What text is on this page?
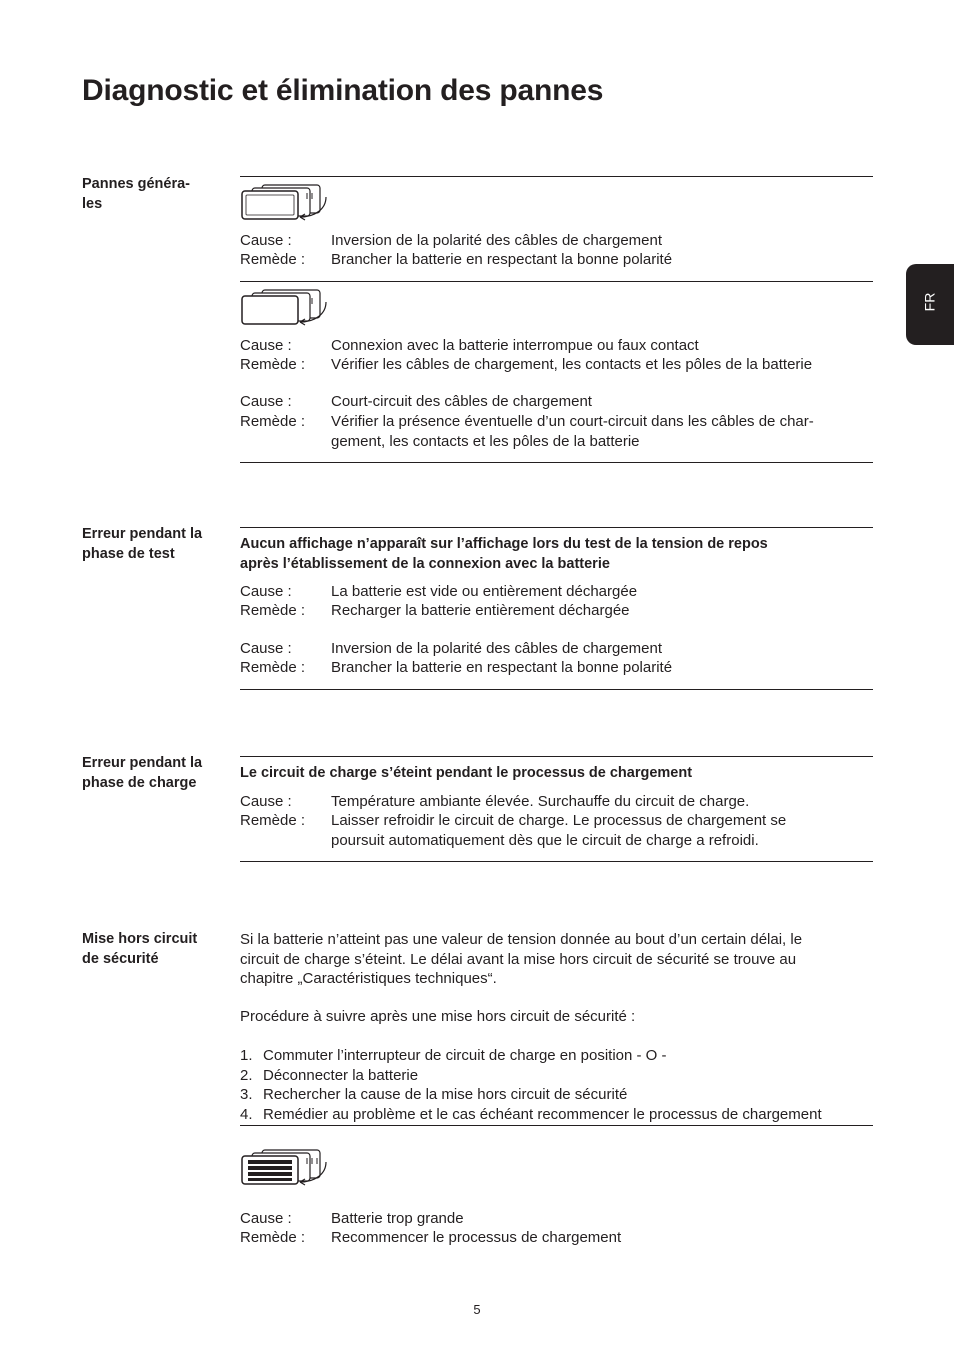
Diagnostic et élimination des pannes
FR
Pannes généra-
les
Cause :	Inversion de la polarité des câbles de chargement
Remède : Brancher la batterie en respectant la bonne polarité
Cause :	Connexion avec la batterie interrompue ou faux contact
Remède : Vérifier les câbles de chargement, les contacts et les pôles de la batterie
Cause :	Court-circuit des câbles de chargement
Remède : Vérifier la présence éventuelle d’un court-circuit dans les câbles de char-
gement, les contacts et les pôles de la batterie
Erreur pendant la
phase de test
Aucun affichage n’apparaît sur l’affichage lors du test de la tension de repos
après l’établissement de la connexion avec la batterie
Cause :	La batterie est vide ou entièrement déchargée
Remède : Recharger la batterie entièrement déchargée
Cause :	Inversion de la polarité des câbles de chargement
Remède : Brancher la batterie en respectant la bonne polarité
Erreur pendant la
phase de charge
Le circuit de charge s’éteint pendant le processus de chargement
Cause :	Température ambiante élevée. Surchauffe du circuit de charge.
Remède : Laisser refroidir le circuit de charge. Le processus de chargement se
poursuit automatiquement dès que le circuit de charge a refroidi.
Mise hors circuit
de sécurité
Si la batterie n’atteint pas une valeur de tension donnée au bout d’un certain délai, le
circuit de charge s’éteint. Le délai avant la mise hors circuit de sécurité se trouve au
chapitre „Caractéristiques techniques“.
Procédure à suivre après une mise hors circuit de sécurité :
1. Commuter l’interrupteur de circuit de charge en position - O -
2. Déconnecter la batterie
3. Rechercher la cause de la mise hors circuit de sécurité
4. Remédier au problème et le cas échéant recommencer le processus de chargement
Cause :	Batterie trop grande
Remède : Recommencer le processus de chargement
5
